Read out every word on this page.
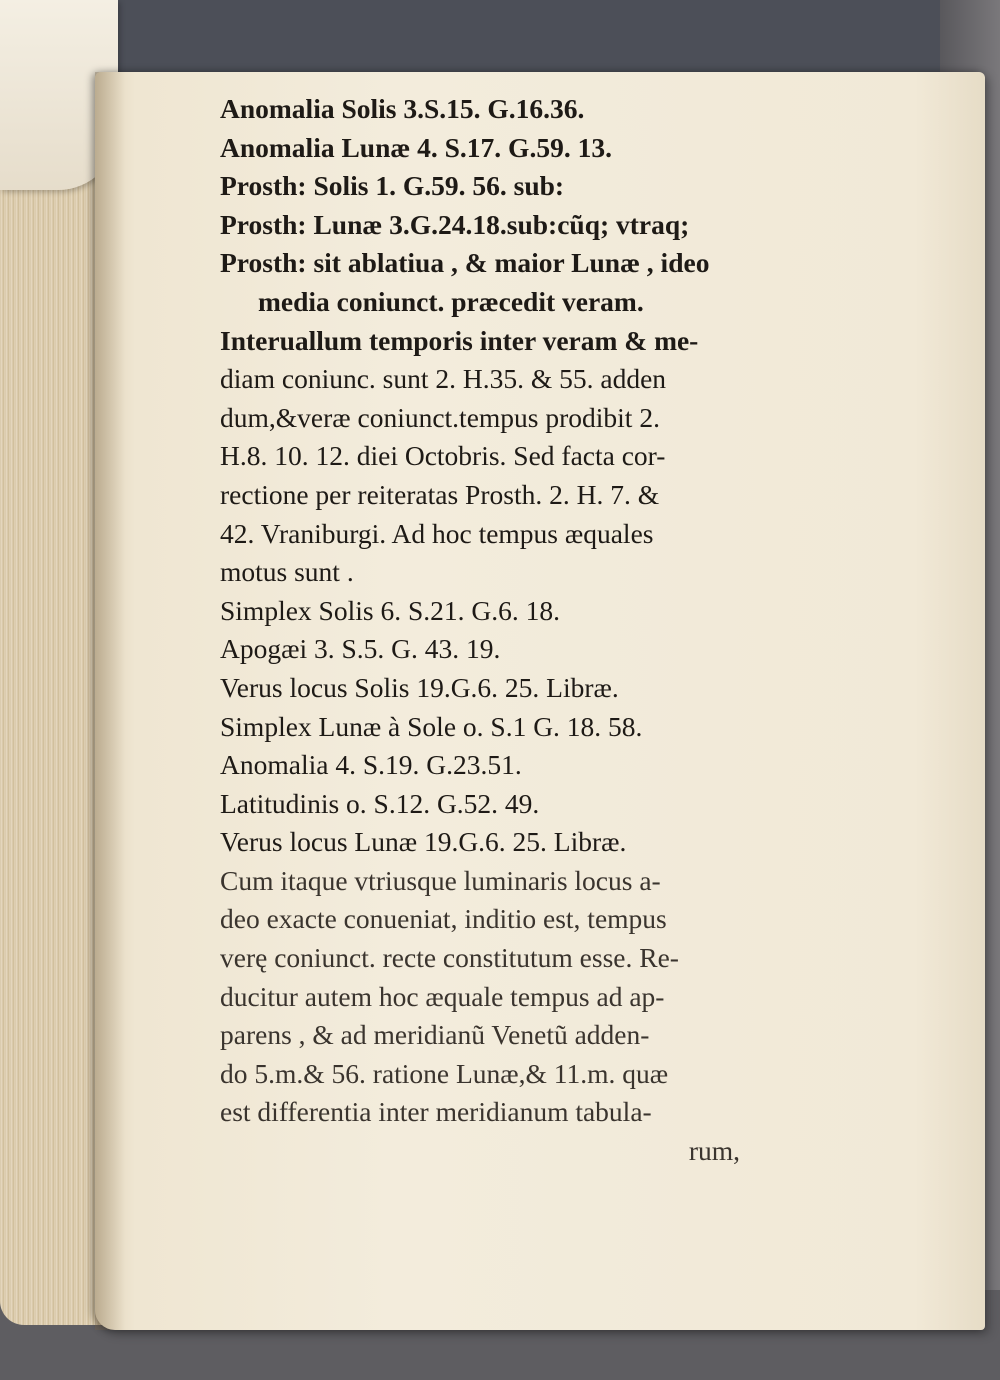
Anomalia Solis 3.S.15. G.16.36.
Anomalia Lunæ 4. S.17. G.59. 13.
Prosth: Solis 1. G.59. 56. sub:
Prosth: Lunæ 3.G.24.18.sub:cũq; vtraq;
Prosth: sit ablatiua , & maior Lunæ , ideo
media coniunct. præcedit veram.
Interuallum temporis inter veram & me-
diam coniunc. sunt 2. H.35. & 55. adden
dum,&veræ coniunct.tempus prodibit 2.
H.8. 10. 12. diei Octobris. Sed facta cor-
rectione per reiteratas Prosth. 2. H. 7. &
42. Vraniburgi. Ad hoc tempus æquales
motus sunt .
Simplex Solis 6. S.21. G.6. 18.
Apogæi 3. S.5. G. 43. 19.
Verus locus Solis 19.G.6. 25. Libræ.
Simplex Lunæ à Sole o. S.1 G. 18. 58.
Anomalia 4. S.19. G.23.51.
Latitudinis o. S.12. G.52. 49.
Verus locus Lunæ 19.G.6. 25. Libræ.
Cum itaque vtriusque luminaris locus a-
deo exacte conueniat, inditio est, tempus
verę coniunct. recte constitutum esse. Re-
ducitur autem hoc æquale tempus ad ap-
parens , & ad meridianũ Venetũ adden-
do 5.m.& 56. ratione Lunæ,& 11.m. quæ
est differentia inter meridianum tabula-
rum,
